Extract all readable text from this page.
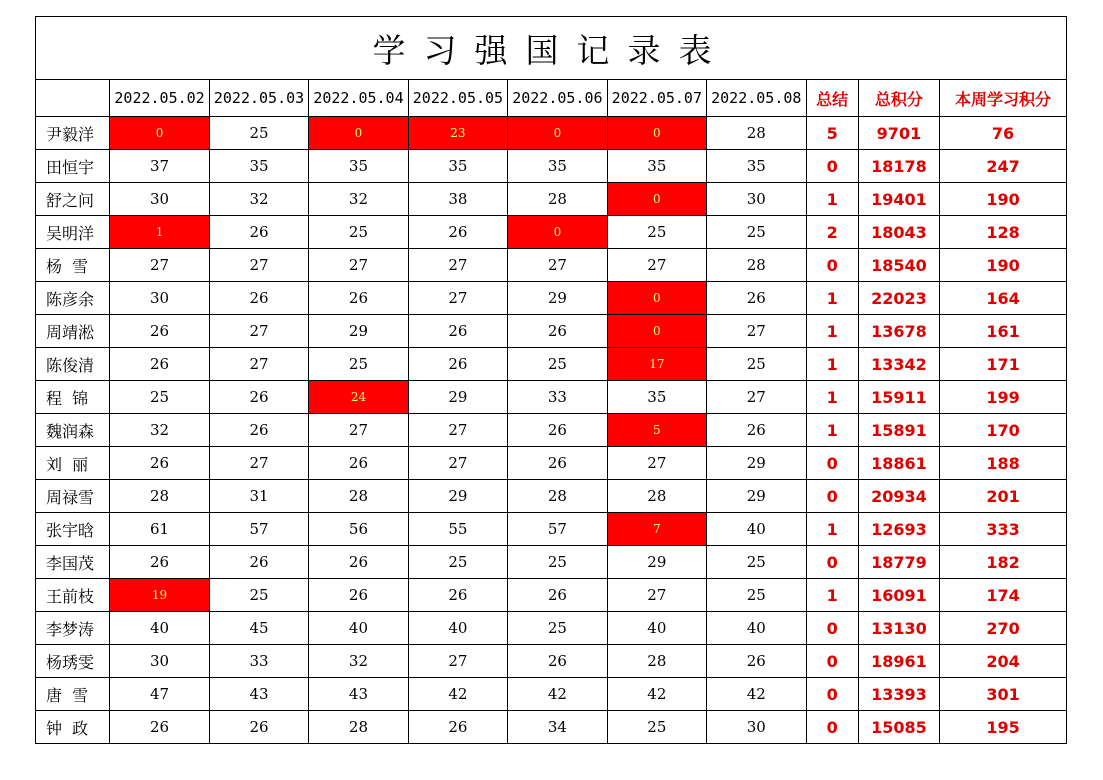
学习强国记录表										
	2022.05.02	2022.05.03	2022.05.04	2022.05.05	2022.05.06	2022.05.07	2022.05.08	总结	总积分	本周学习积分
尹毅洋	0	25	0	23	0	0	28	5	9701	76
田恒宇	37	35	35	35	35	35	35	0	18178	247
舒之问	30	32	32	38	28	0	30	1	19401	190
吴明洋	1	26	25	26	0	25	25	2	18043	128
杨  雪	27	27	27	27	27	27	28	0	18540	190
陈彦余	30	26	26	27	29	0	26	1	22023	164
周靖淞	26	27	29	26	26	0	27	1	13678	161
陈俊清	26	27	25	26	25	17	25	1	13342	171
程  锦	25	26	24	29	33	35	27	1	15911	199
魏润森	32	26	27	27	26	5	26	1	15891	170
刘  丽	26	27	26	27	26	27	29	0	18861	188
周禄雪	28	31	28	29	28	28	29	0	20934	201
张宇晗	61	57	56	55	57	7	40	1	12693	333
李国茂	26	26	26	25	25	29	25	0	18779	182
王前枝	19	25	26	26	26	27	25	1	16091	174
李梦涛	40	45	40	40	25	40	40	0	13130	270
杨琇雯	30	33	32	27	26	28	26	0	18961	204
唐  雪	47	43	43	42	42	42	42	0	13393	301
钟  政	26	26	28	26	34	25	30	0	15085	195
